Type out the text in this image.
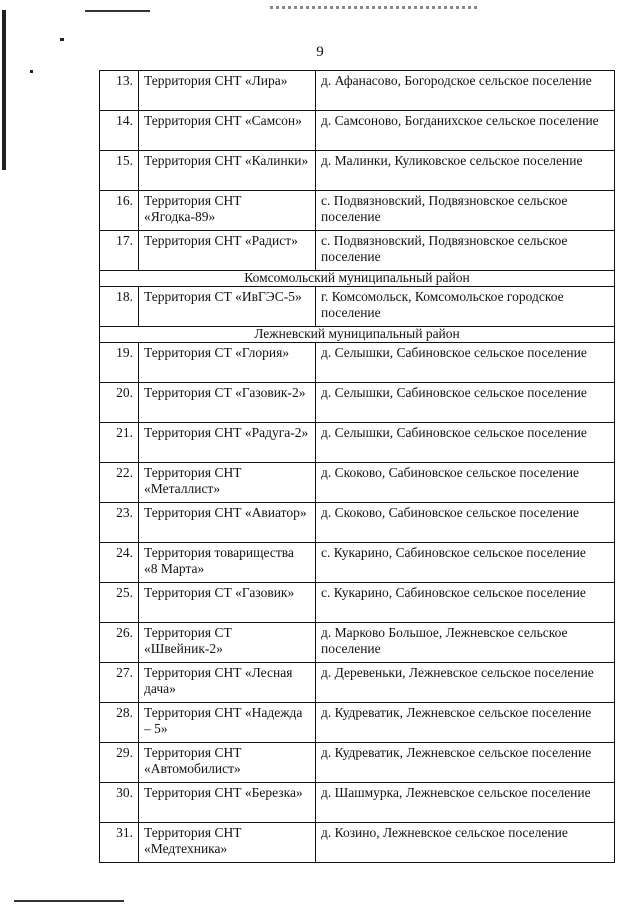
9
13.	Территория СНТ «Лира»	д. Афанасово, Богородское сельское поселение
14.	Территория СНТ «Самсон»	д. Самсоново, Богданихское сельское поселение
15.	Территория СНТ «Калинки»	д. Малинки, Куликовское сельское поселение
16.	Территория СНТ «Ягодка-89»	с. Подвязновский, Подвязновское сельское поселение
17.	Территория СНТ «Радист»	с. Подвязновский, Подвязновское сельское поселение
Комсомольский муниципальный район		
18.	Территория СТ «ИвГЭС-5»	г. Комсомольск, Комсомольское городское поселение
Лежневский муниципальный район		
19.	Территория СТ «Глория»	д. Селышки, Сабиновское сельское поселение
20.	Территория СТ «Газовик-2»	д. Селышки, Сабиновское сельское поселение
21.	Территория СНТ «Радуга-2»	д. Селышки, Сабиновское сельское поселение
22.	Территория СНТ «Металлист»	д. Скоково, Сабиновское сельское поселение
23.	Территория СНТ «Авиатор»	д. Скоково, Сабиновское сельское поселение
24.	Территория товарищества «8 Марта»	с. Кукарино, Сабиновское сельское поселение
25.	Территория СТ «Газовик»	с. Кукарино, Сабиновское сельское поселение
26.	Территория СТ «Швейник-2»	д. Марково Большое, Лежневское сельское поселение
27.	Территория СНТ «Лесная дача»	д. Деревеньки, Лежневское сельское поселение
28.	Территория СНТ «Надежда – 5»	д. Кудреватик, Лежневское сельское поселение
29.	Территория СНТ «Автомобилист»	д. Кудреватик, Лежневское сельское поселение
30.	Территория СНТ «Березка»	д. Шашмурка, Лежневское сельское поселение
31.	Территория СНТ «Медтехника»	д. Козино, Лежневское сельское поселение
